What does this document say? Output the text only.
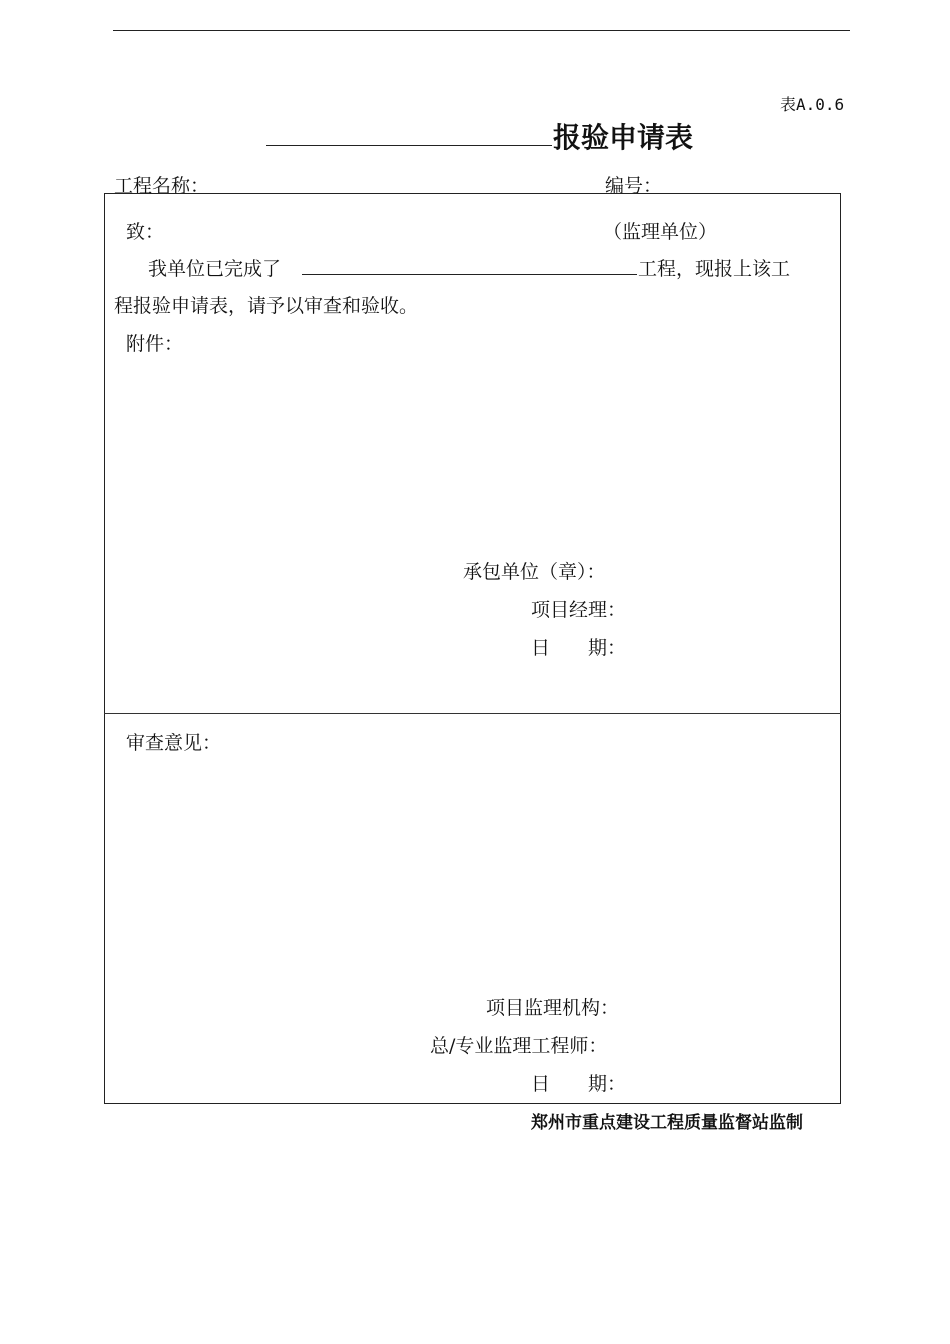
表A.0.6
报验申请表
工程名称：	编号：
致：	（监理单位）
我单位已完成了	工程，现报上该工
程报验申请表，请予以审查和验收。
附件：
承包单位（章）：
项目经理：
日　　期：
审查意见：
项目监理机构：
总/专业监理工程师：
日　　期：
郑州市重点建设工程质量监督站监制
